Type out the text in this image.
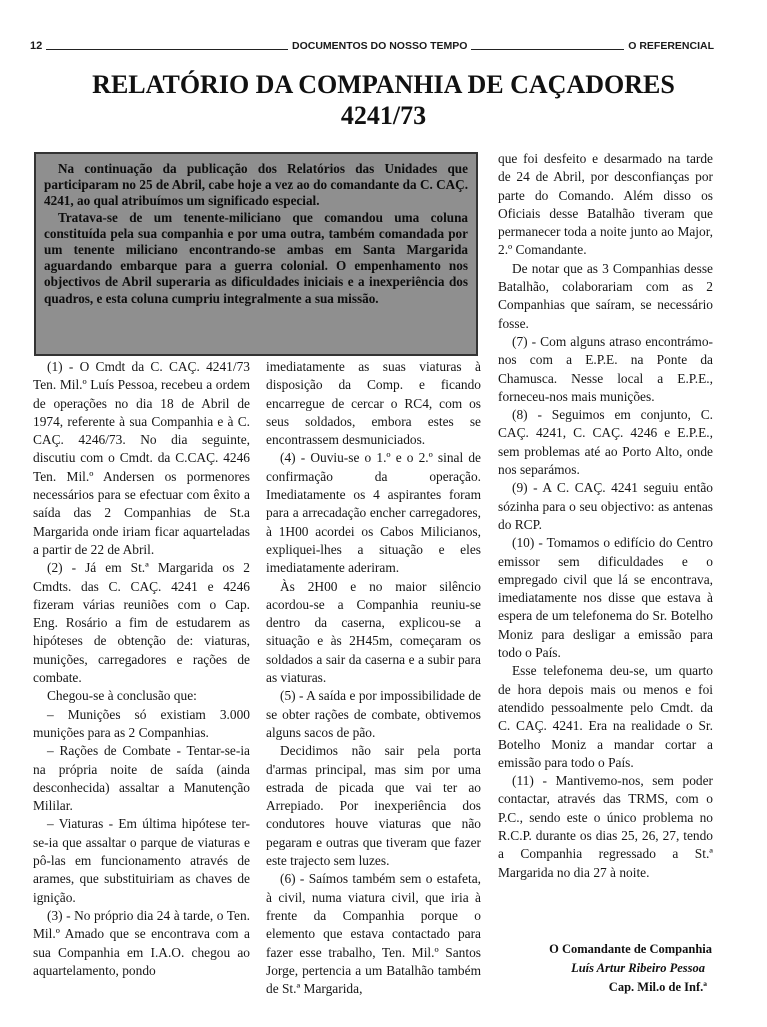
12	DOCUMENTOS DO NOSSO TEMPO	O REFERENCIAL
RELATÓRIO DA COMPANHIA DE CAÇADORES
4241/73

Na continuação da publicação dos Relatórios das Unidades que participaram no 25 de Abril, cabe hoje a vez ao do comandante da C. CAÇ. 4241, ao qual atribuímos um significado especial.

Tratava-se de um tenente-miliciano que comandou uma coluna constituída pela sua companhia e por uma outra, também comandada por um tenente miliciano encontrando-se ambas em Santa Margarida aguardando embarque para a guerra colonial. O empenhamento nos objectivos de Abril superaria as dificuldades iniciais e a inexperiência dos quadros, e esta coluna cumpriu integralmente a sua missão.

(1) - O Cmdt da C. CAÇ. 4241/73 Ten. Mil.º Luís Pessoa, recebeu a ordem de operações no dia 18 de Abril de 1974, referente à sua Companhia e à C. CAÇ. 4246/73. No dia seguinte, discutiu com o Cmdt. da C.CAÇ. 4246 Ten. Mil.º Andersen os pormenores necessários para se efectuar com êxito a saída das 2 Companhias de St.a Margarida onde iriam ficar aquarteladas a partir de 22 de Abril.

(2) - Já em St.ª Margarida os 2 Cmdts. das C. CAÇ. 4241 e 4246 fizeram várias reuniões com o Cap. Eng. Rosário a fim de estudarem as hipóteses de obtenção de: viaturas, munições, carregadores e rações de combate.

Chegou-se à conclusão que:

– Munições só existiam 3.000 munições para as 2 Companhias.

– Rações de Combate - Tentar-se-ia na própria noite de saída (ainda desconhecida) assaltar a Manutenção Mililar.

– Viaturas - Em última hipótese ter-se-ia que assaltar o parque de viaturas e pô-las em funcionamento através de arames, que substituiriam as chaves de ignição.

(3) - No próprio dia 24 à tarde, o Ten. Mil.º Amado que se encontrava com a sua Companhia em I.A.O. chegou ao aquartelamento, pondo

imediatamente as suas viaturas à disposição da Comp. e ficando encarregue de cercar o RC4, com os seus soldados, embora estes se encontrassem desmuniciados.

(4) - Ouviu-se o 1.º e o 2.º sinal de confirmação da operação. Imediatamente os 4 aspirantes foram para a arrecadação encher carregadores, à 1H00 acordei os Cabos Milicianos, expliquei-lhes a situação e eles imediatamente aderiram.

Às 2H00 e no maior silêncio acordou-se a Companhia reuniu-se dentro da caserna, explicou-se a situação e às 2H45m, começaram os soldados a sair da caserna e a subir para as viaturas.

(5) - A saída e por impossibilidade de se obter rações de combate, obtivemos alguns sacos de pão.

Decidimos não sair pela porta d'armas principal, mas sim por uma estrada de picada que vai ter ao Arrepiado. Por inexperiência dos condutores houve viaturas que não pegaram e outras que tiveram que fazer este trajecto sem luzes.

(6) - Saímos também sem o estafeta, à civil, numa viatura civil, que iria à frente da Companhia porque o elemento que estava contactado para fazer esse trabalho, Ten. Mil.º Santos Jorge, pertencia a um Batalhão também de St.ª Margarida,

que foi desfeito e desarmado na tarde de 24 de Abril, por desconfianças por parte do Comando. Além disso os Oficiais desse Batalhão tiveram que permanecer toda a noite junto ao Major, 2.º Comandante.

De notar que as 3 Companhias desse Batalhão, colaborariam com as 2 Companhias que saíram, se necessário fosse.

(7) - Com alguns atraso encontrámo-nos com a E.P.E. na Ponte da Chamusca. Nesse local a E.P.E., forneceu-nos mais munições.

(8) - Seguimos em conjunto, C. CAÇ. 4241, C. CAÇ. 4246 e E.P.E., sem problemas até ao Porto Alto, onde nos separámos.

(9) - A C. CAÇ. 4241 seguiu então sózinha para o seu objectivo: as antenas do RCP.

(10) - Tomamos o edifício do Centro emissor sem dificuldades e o empregado civil que lá se encontrava, imediatamente nos disse que estava à espera de um telefonema do Sr. Botelho Moniz para desligar a emissão para todo o País.

Esse telefonema deu-se, um quarto de hora depois mais ou menos e foi atendido pessoalmente pelo Cmdt. da C. CAÇ. 4241. Era na realidade o Sr. Botelho Moniz a mandar cortar a emissão para todo o País.

(11) - Mantivemo-nos, sem poder contactar, através das TRMS, com o P.C., sendo este o único problema no R.C.P. durante os dias 25, 26, 27, tendo a Companhia regressado a St.ª Margarida no dia 27 à noite.

O Comandante de Companhia
Luís Artur Ribeiro Pessoa
Cap. Mil.o de Inf.ª
